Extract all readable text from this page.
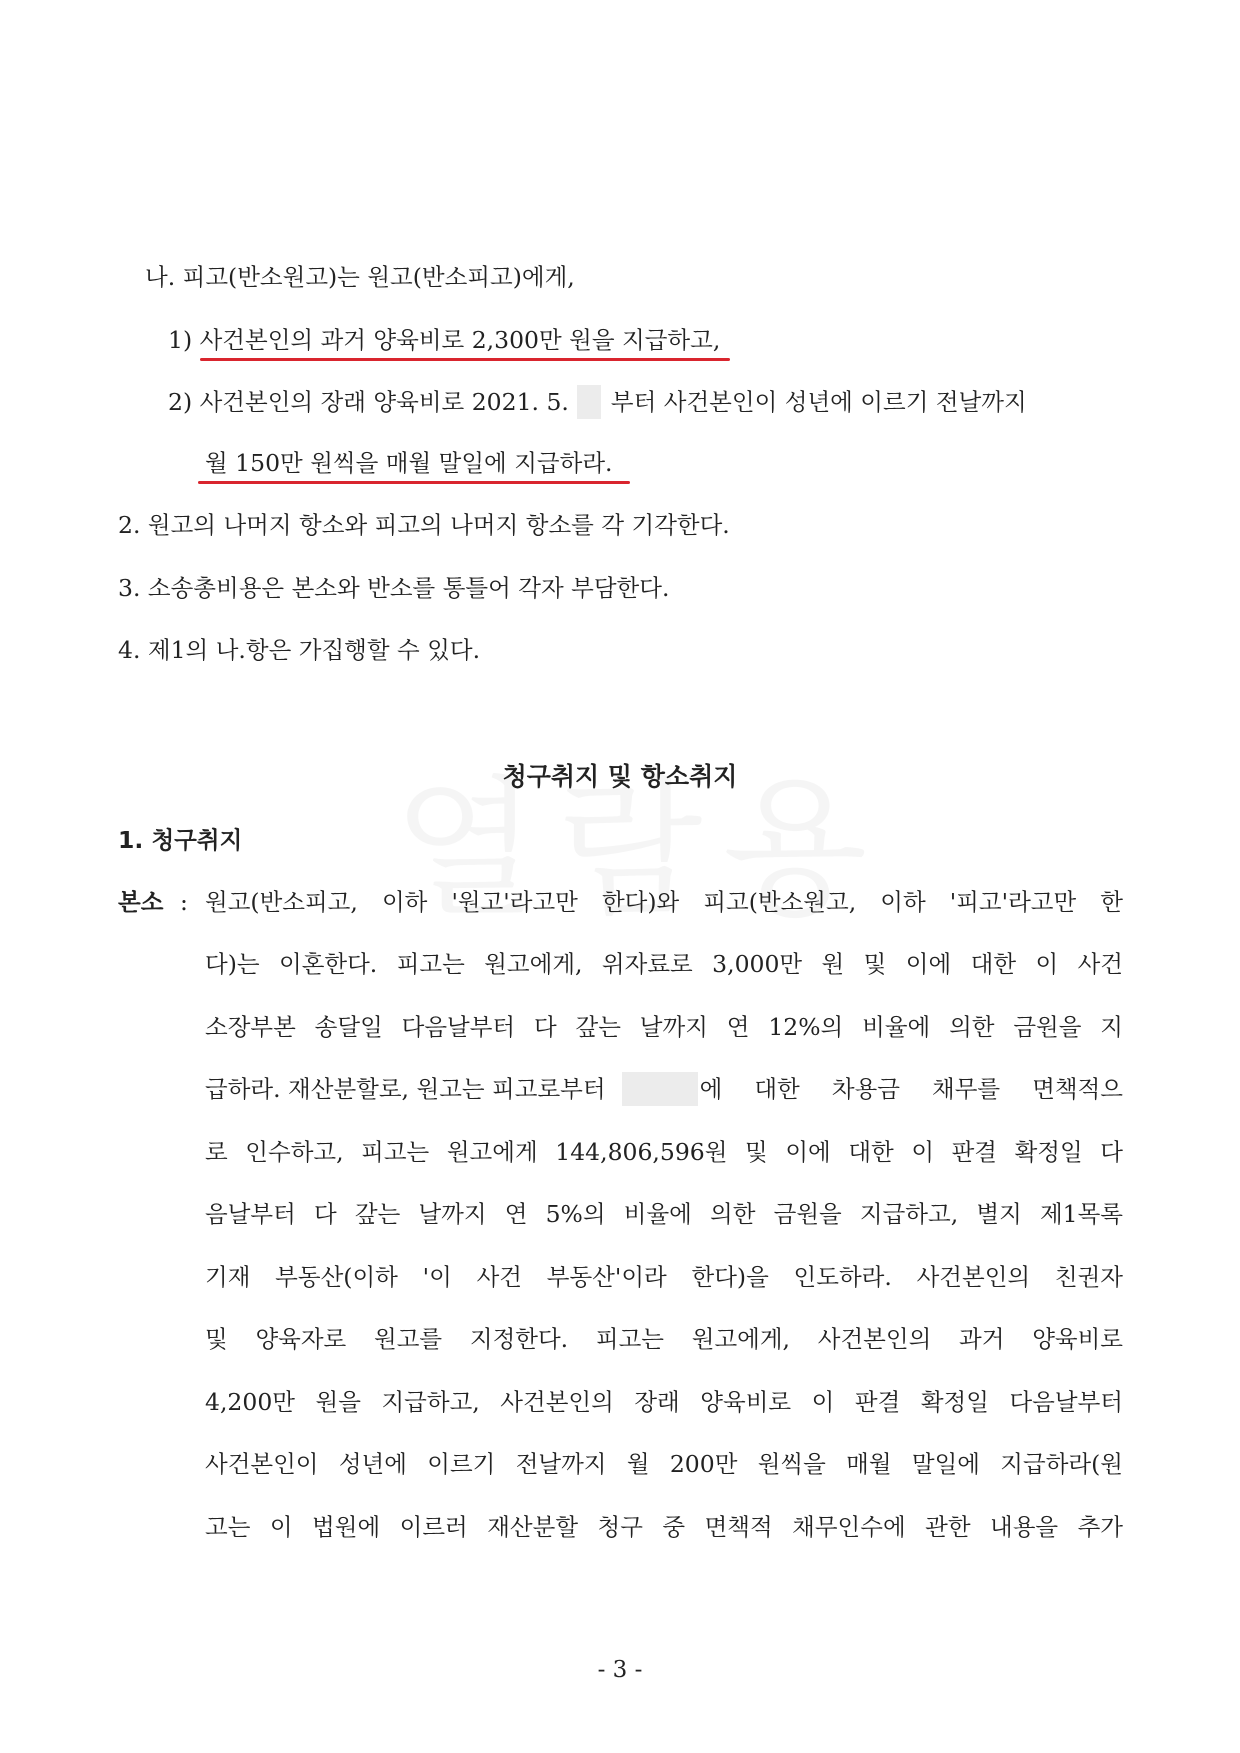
나. 피고(반소원고)는 원고(반소피고)에게,
1) 사건본인의 과거 양육비로 2,300만 원을 지급하고,
2) 사건본인의 장래 양육비로 2021. 5. 부터 사건본인이 성년에 이르기 전날까지
월 150만 원씩을 매월 말일에 지급하라.
2. 원고의 나머지 항소와 피고의 나머지 항소를 각 기각한다.
3. 소송총비용은 본소와 반소를 통틀어 각자 부담한다.
4. 제1의 나.항은 가집행할 수 있다.
청구취지 및 항소취지
1. 청구취지
본소 : 원고(반소피고, 이하 '원고'라고만 한다)와 피고(반소원고, 이하 '피고'라고만 한
다)는 이혼한다. 피고는 원고에게, 위자료로 3,000만 원 및 이에 대한 이 사건
소장부본 송달일 다음날부터 다 갚는 날까지 연 12%의 비율에 의한 금원을 지
급하라. 재산분할로, 원고는 피고로부터	에 대한 차용금 채무를 면책적으
로 인수하고, 피고는 원고에게 144,806,596원 및 이에 대한 이 판결 확정일 다
음날부터 다 갚는 날까지 연 5%의 비율에 의한 금원을 지급하고, 별지 제1목록
기재 부동산(이하 '이 사건 부동산'이라 한다)을 인도하라. 사건본인의 친권자
및 양육자로 원고를 지정한다. 피고는 원고에게, 사건본인의 과거 양육비로
4,200만 원을 지급하고, 사건본인의 장래 양육비로 이 판결 확정일 다음날부터
사건본인이 성년에 이르기 전날까지 월 200만 원씩을 매월 말일에 지급하라(원
고는 이 법원에 이르러 재산분할 청구 중 면책적 채무인수에 관한 내용을 추가
- 3 -
